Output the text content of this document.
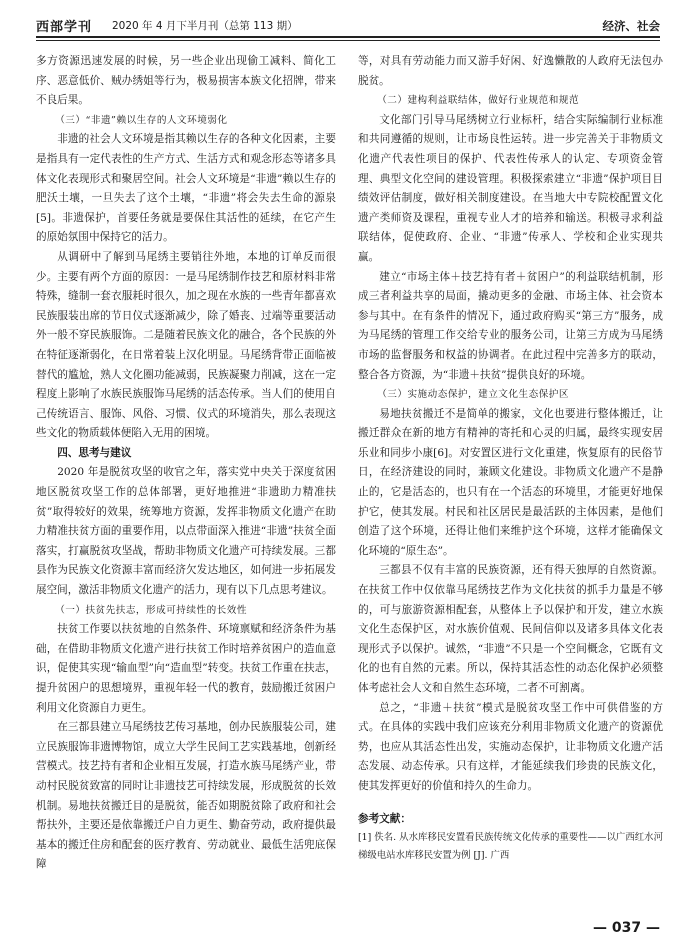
西部学刊 2020 年 4 月下半月刊（总第 113 期）	经济、社会

多方资源迅速发展的时候，另一些企业出现偷工减料、简化工序、恶意低价、贼办绣姐等行为，极易损害本族文化招牌，带来不良后果。

（三）“非遗”赖以生存的人文环境弱化

非遗的社会人文环境是指其赖以生存的各种文化因素，主要是指具有一定代表性的生产方式、生活方式和观念形态等诸多具体文化表现形式和聚居空间。社会人文环境是“非遗”赖以生存的肥沃土壤，一旦失去了这个土壤，“非遗”将会失去生命的源泉[5]。非遗保护，首要任务就是要保住其活性的延续，在它产生的原始氛围中保持它的活力。

从调研中了解到马尾绣主要销往外地，本地的订单反而很少。主要有两个方面的原因：一是马尾绣制作技艺和原材料非常特殊，缝制一套衣服耗时很久，加之现在水族的一些青年都喜欢民族服装出席的节日仪式逐渐减少，除了婚丧、过端等重要活动外一般不穿民族服饰。二是随着民族文化的融合，各个民族的外在特征逐渐弱化，在日常着装上汉化明显。马尾绣背带正面临被替代的尴尬，熟人文化圈功能减弱，民族凝聚力削减，这在一定程度上影响了水族民族服饰马尾绣的活态传承。当人们的使用自己传统语言、服饰、风俗、习惯、仪式的环境消失，那么表现这些文化的物质载体便陷入无用的困境。

四、思考与建议

2020 年是脱贫攻坚的收官之年，落实党中央关于深度贫困地区脱贫攻坚工作的总体部署，更好地推进“非遗助力精准扶贫”取得较好的效果，统筹地方资源，发挥非物质文化遗产在助力精准扶贫方面的重要作用，以点带面深入推进“非遗”扶贫全面落实，打赢脱贫攻坚战，帮助非物质文化遗产可持续发展。三都县作为民族文化资源丰富而经济欠发达地区，如何进一步拓展发展空间，激活非物质文化遗产的活力，现有以下几点思考建议。

（一）扶贫先扶志，形成可持续性的长效性

扶贫工作要以扶贫地的自然条件、环境禀赋和经济条件为基础，在借助非物质文化遗产进行扶贫工作时培养贫困户的造血意识，促使其实现“输血型”向“造血型”转变。扶贫工作重在扶志，提升贫困户的思想境界，重视年轻一代的教育，鼓励搬迁贫困户利用文化资源自力更生。

在三都县建立马尾绣技艺传习基地，创办民族服装公司，建立民族服饰非遗博物馆，成立大学生民间工艺实践基地，创新经营模式。技艺持有者和企业相互发展，打造水族马尾绣产业，带动村民脱贫致富的同时让非遗技艺可持续发展，形成脱贫的长效机制。易地扶贫搬迁目的是脱贫，能否如期脱贫除了政府和社会帮扶外，主要还是依靠搬迁户自力更生、勤奋劳动，政府提供最基本的搬迁住房和配套的医疗教育、劳动就业、最低生活兜底保障

等，对具有劳动能力而又游手好闲、好逸懒散的人政府无法包办脱贫。

（二）建构利益联结体，做好行业规范和规范

文化部门引导马尾绣树立行业标杆，结合实际编制行业标准和共同遵循的规则，让市场良性运转。进一步完善关于非物质文化遗产代表性项目的保护、代表性传承人的认定、专项资金管理、典型文化空间的建设管理。积极探索建立“非遗”保护项目目绩效评估制度，做好相关制度建设。在当地大中专院校配置文化遗产类师资及课程，重视专业人才的培养和输送。积极寻求利益联结体，促使政府、企业、“非遗”传承人、学校和企业实现共赢。

建立“市场主体＋技艺持有者＋贫困户”的利益联结机制，形成三者利益共享的局面，撬动更多的金融、市场主体、社会资本参与其中。在有条件的情况下，通过政府购买“第三方”服务，成为马尾绣的管理工作交给专业的服务公司，让第三方成为马尾绣市场的监督服务和权益的协调者。在此过程中完善多方的联动，整合各方资源，为“非遗＋扶贫”提供良好的环境。

（三）实施动态保护，建立文化生态保护区

易地扶贫搬迁不是简单的搬家，文化也要进行整体搬迁，让搬迁群众在新的地方有精神的寄托和心灵的归属，最终实现安居乐业和同步小康[6]。对安置区进行文化重建，恢复原有的民俗节日，在经济建设的同时，兼顾文化建设。非物质文化遗产不是静止的，它是活态的，也只有在一个活态的环境里，才能更好地保护它，使其发展。村民和社区居民是最活跃的主体因素，是他们创造了这个环境，还得让他们来维护这个环境，这样才能确保文化环境的“原生态”。

三都县不仅有丰富的民族资源，还有得天独厚的自然资源。在扶贫工作中仅依靠马尾绣技艺作为文化扶贫的抓手力量是不够的，可与旅游资源相配套，从整体上予以保护和开发，建立水族文化生态保护区，对水族价值观、民间信仰以及诸多具体文化表现形式予以保护。诚然，“非遗”不只是一个空间概念，它既有文化的也有自然的元素。所以，保持其活态性的动态化保护必须整体考虑社会人文和自然生态环境，二者不可割离。

总之，“非遗＋扶贫”模式是脱贫攻坚工作中可供借鉴的方式。在具体的实践中我们应该充分利用非物质文化遗产的资源优势，也应从其活态性出发，实施动态保护，让非物质文化遗产活态发展、动态传承。只有这样，才能延续我们珍贵的民族文化，使其发挥更好的价值和持久的生命力。

参考文献：
[1] 佚名. 从水库移民安置看民族传统文化传承的重要性——以广西红水河梯级电站水库移民安置为例 [J]. 广西
— 037 —
